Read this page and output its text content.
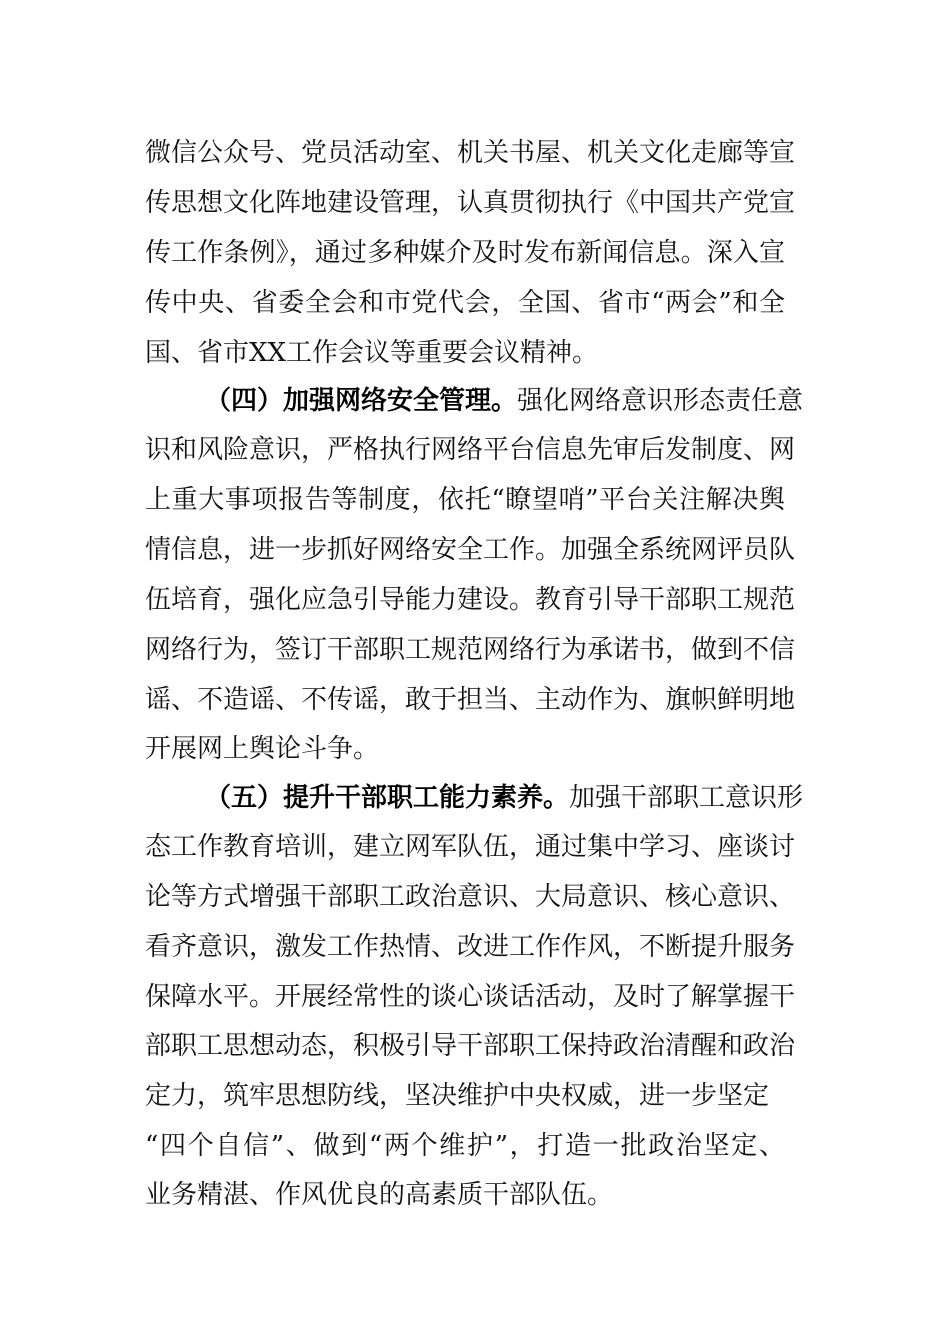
微信公众号、党员活动室、机关书屋、机关文化走廊等宣
传思想文化阵地建设管理，认真贯彻执行《中国共产党宣
传工作条例》，通过多种媒介及时发布新闻信息。深入宣
传中央、省委全会和市党代会，全国、省市“两会”和全
国、省市XX工作会议等重要会议精神。
（四）加强网络安全管理。强化网络意识形态责任意
识和风险意识，严格执行网络平台信息先审后发制度、网
上重大事项报告等制度，依托“瞭望哨”平台关注解决舆
情信息，进一步抓好网络安全工作。加强全系统网评员队
伍培育，强化应急引导能力建设。教育引导干部职工规范
网络行为，签订干部职工规范网络行为承诺书，做到不信
谣、不造谣、不传谣，敢于担当、主动作为、旗帜鲜明地
开展网上舆论斗争。
（五）提升干部职工能力素养。加强干部职工意识形
态工作教育培训，建立网军队伍，通过集中学习、座谈讨
论等方式增强干部职工政治意识、大局意识、核心意识、
看齐意识，激发工作热情、改进工作作风，不断提升服务
保障水平。开展经常性的谈心谈话活动，及时了解掌握干
部职工思想动态，积极引导干部职工保持政治清醒和政治
定力，筑牢思想防线，坚决维护中央权威，进一步坚定
“四个自信”、做到“两个维护”，打造一批政治坚定、
业务精湛、作风优良的高素质干部队伍。
